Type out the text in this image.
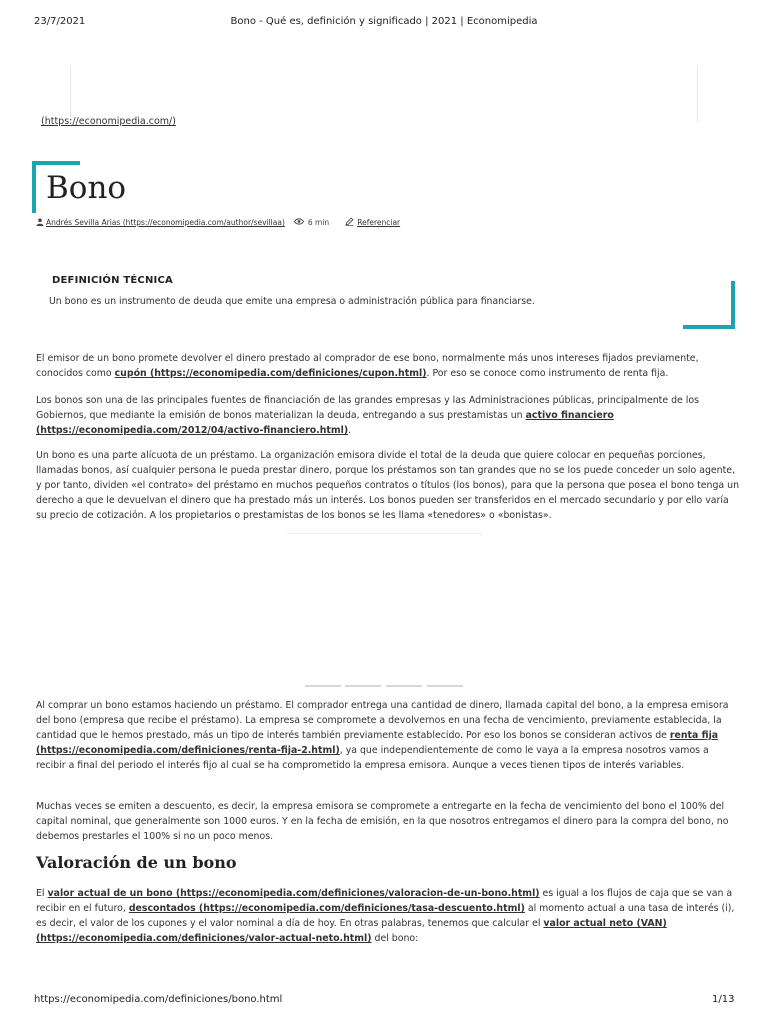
23/7/2021	Bono - Qué es, definición y significado | 2021 | Economipedia
(https://economipedia.com/)
Bono
Andrés Sevilla Arias (https://economipedia.com/author/sevillaa)	6 min	Referenciar
DEFINICIÓN TÉCNICA
Un bono es un instrumento de deuda que emite una empresa o administración pública para financiarse.

El emisor de un bono promete devolver el dinero prestado al comprador de ese bono, normalmente más unos intereses fijados previamente, conocidos como cupón (https://economipedia.com/definiciones/cupon.html). Por eso se conoce como instrumento de renta fija.

Los bonos son una de las principales fuentes de financiación de las grandes empresas y las Administraciones públicas, principalmente de los Gobiernos, que mediante la emisión de bonos materializan la deuda, entregando a sus prestamistas un activo financiero (https://economipedia.com/2012/04/activo-financiero.html).

Un bono es una parte alícuota de un préstamo. La organización emisora divide el total de la deuda que quiere colocar en pequeñas porciones, llamadas bonos, así cualquier persona le pueda prestar dinero, porque los préstamos son tan grandes que no se los puede conceder un solo agente, y por tanto, dividen «el contrato» del préstamo en muchos pequeños contratos o títulos (los bonos), para que la persona que posea el bono tenga un derecho a que le devuelvan el dinero que ha prestado más un interés. Los bonos pueden ser transferidos en el mercado secundario y por ello varía su precio de cotización. A los propietarios o prestamistas de los bonos se les llama «tenedores» o «bonistas».

Al comprar un bono estamos haciendo un préstamo. El comprador entrega una cantidad de dinero, llamada capital del bono, a la empresa emisora del bono (empresa que recibe el préstamo). La empresa se compromete a devolvernos en una fecha de vencimiento, previamente establecida, la cantidad que le hemos prestado, más un tipo de interés también previamente establecido. Por eso los bonos se consideran activos de renta fija (https://economipedia.com/definiciones/renta-fija-2.html), ya que independientemente de como le vaya a la empresa nosotros vamos a recibir a final del periodo el interés fijo al cual se ha comprometido la empresa emisora. Aunque a veces tienen tipos de interés variables.

Muchas veces se emiten a descuento, es decir, la empresa emisora se compromete a entregarte en la fecha de vencimiento del bono el 100% del capital nominal, que generalmente son 1000 euros. Y en la fecha de emisión, en la que nosotros entregamos el dinero para la compra del bono, no debemos prestarles el 100% si no un poco menos.

Valoración de un bono

El valor actual de un bono (https://economipedia.com/definiciones/valoracion-de-un-bono.html) es igual a los flujos de caja que se van a recibir en el futuro, descontados (https://economipedia.com/definiciones/tasa-descuento.html) al momento actual a una tasa de interés (i), es decir, el valor de los cupones y el valor nominal a día de hoy. En otras palabras, tenemos que calcular el valor actual neto (VAN) (https://economipedia.com/definiciones/valor-actual-neto.html) del bono:

https://economipedia.com/definiciones/bono.html	1/13
